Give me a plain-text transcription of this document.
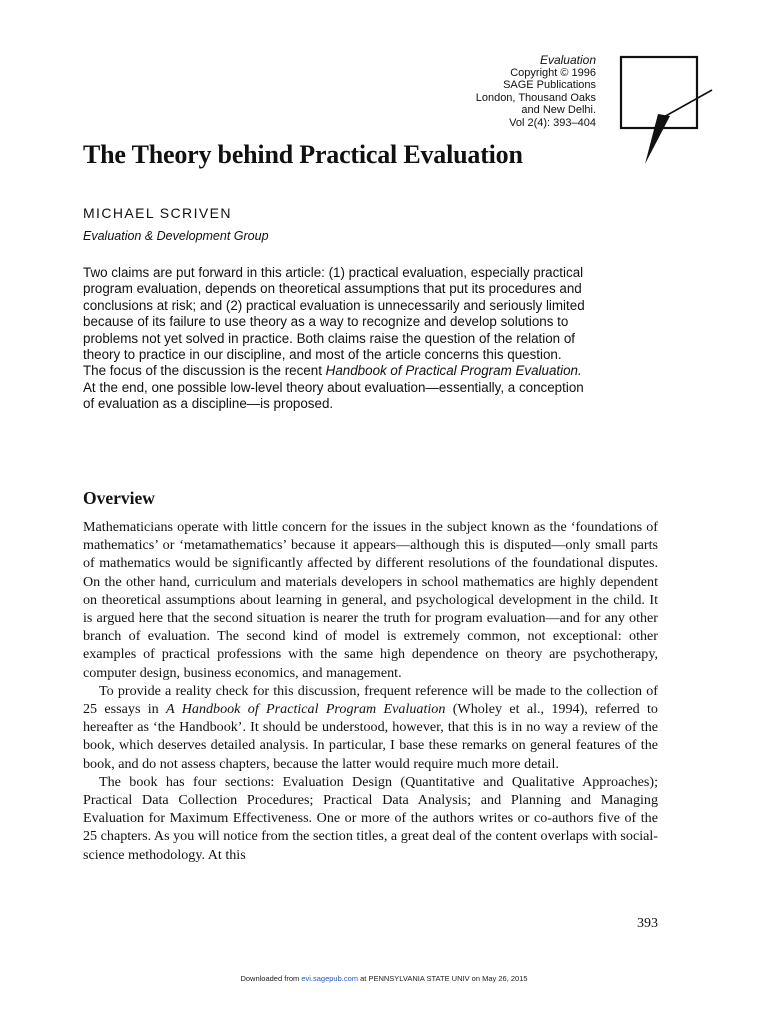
Evaluation
Copyright © 1996
SAGE Publications
London, Thousand Oaks
and New Delhi.
Vol 2(4): 393–404
The Theory behind Practical Evaluation
MICHAEL SCRIVEN
Evaluation & Development Group

Two claims are put forward in this article: (1) practical evaluation, especially practical program evaluation, depends on theoretical assumptions that put its procedures and conclusions at risk; and (2) practical evaluation is unnecessarily and seriously limited because of its failure to use theory as a way to recognize and develop solutions to problems not yet solved in practice. Both claims raise the question of the relation of theory to practice in our discipline, and most of the article concerns this question. The focus of the discussion is the recent Handbook of Practical Program Evaluation. At the end, one possible low-level theory about evaluation—essentially, a conception of evaluation as a discipline—is proposed.

Overview

Mathematicians operate with little concern for the issues in the subject known as the ‘foundations of mathematics’ or ‘metamathematics’ because it appears—although this is disputed—only small parts of mathematics would be significantly affected by different resolutions of the foundational disputes. On the other hand, curriculum and materials developers in school mathematics are highly dependent on theoretical assumptions about learning in general, and psychological development in the child. It is argued here that the second situation is nearer the truth for program evaluation—and for any other branch of evaluation. The second kind of model is extremely common, not exceptional: other examples of practical professions with the same high dependence on theory are psychotherapy, computer design, business economics, and management.

To provide a reality check for this discussion, frequent reference will be made to the collection of 25 essays in A Handbook of Practical Program Evaluation (Wholey et al., 1994), referred to hereafter as ‘the Handbook’. It should be understood, however, that this is in no way a review of the book, which deserves detailed analysis. In particular, I base these remarks on general features of the book, and do not assess chapters, because the latter would require much more detail.

The book has four sections: Evaluation Design (Quantitative and Qualitative Approaches); Practical Data Collection Procedures; Practical Data Analysis; and Planning and Managing Evaluation for Maximum Effectiveness. One or more of the authors writes or co-authors five of the 25 chapters. As you will notice from the section titles, a great deal of the content overlaps with social-science methodology. At this

393
Downloaded from evi.sagepub.com at PENNSYLVANIA STATE UNIV on May 26, 2015
